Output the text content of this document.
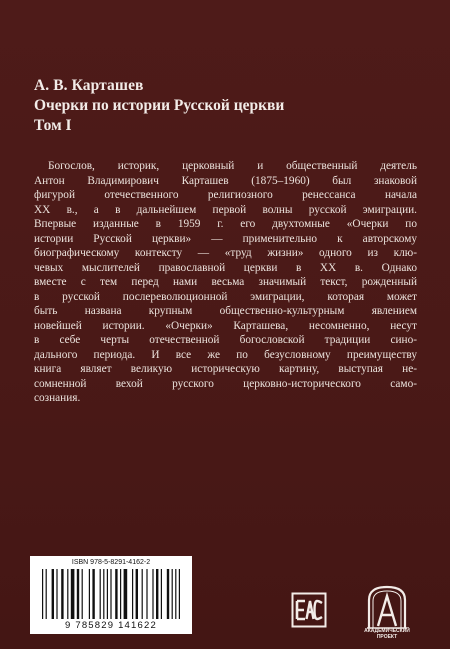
А. В. Карташев
Очерки по истории Русской церкви
Том I
Богослов, историк, церковный и общественный деятель
Антон Владимирович Карташев (1875–1960) был знаковой
фигурой отечественного религиозного ренессанса начала
XX в., а в дальнейшем первой волны русской эмиграции.
Впервые изданные в 1959 г. его двухтомные «Очерки по
истории Русской церкви» — применительно к авторскому
биографическому контексту — «труд жизни» одного из клю-
чевых мыслителей православной церкви в XX в. Однако
вместе с тем перед нами весьма значимый текст, рожденный
в русской послереволюционной эмиграции, которая может
быть названа крупным общественно-культурным явлением
новейшей истории. «Очерки» Карташева, несомненно, несут
в себе черты отечественной богословской традиции сино-
дального периода. И все же по безусловному преимуществу
книга являет великую историческую картину, выступая не-
сомненной вехой русского церковно-исторического само-
сознания.
ISBN 978-5-8291-4162-2
9 785829 141622	АКАДЕМИЧЕСКИЙ ПРОЕКТ
